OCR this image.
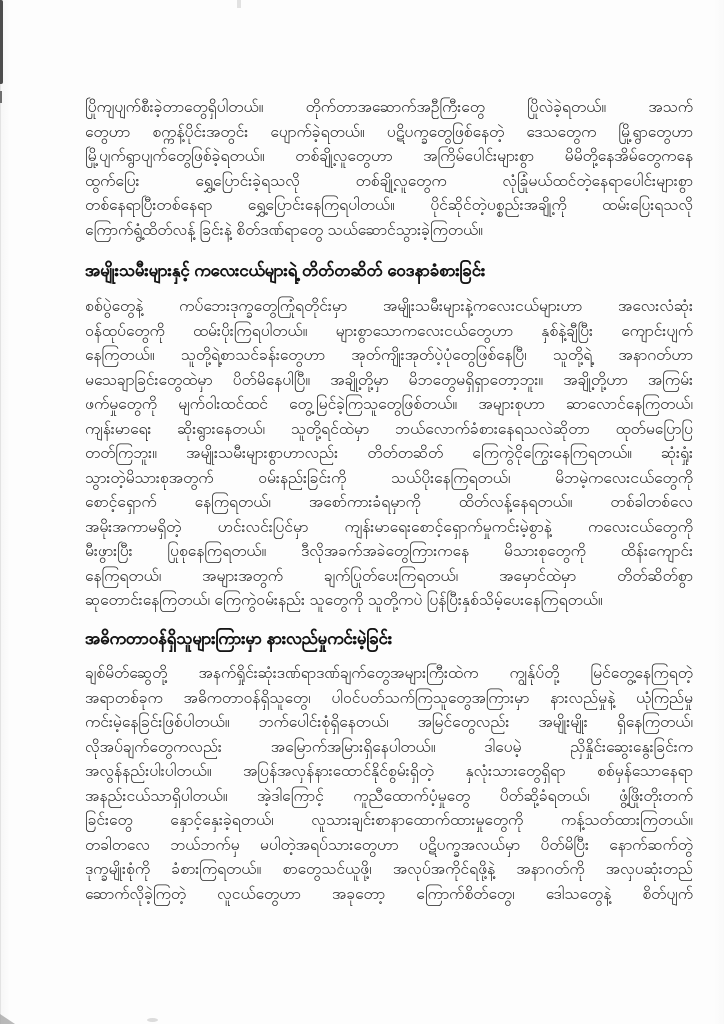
ပြိုကျပျက်စီးခဲ့တာတွေရှိပါတယ်။ တိုက်တာအဆောက်အဦကြီးတွေ ပြိုလဲခဲ့ရတယ်။ အသက်
တွေဟာ စက္ကန့်ပိုင်းအတွင်း ပျောက်ခဲ့ရတယ်။ ပဋိပက္ခတွေဖြစ်နေတဲ့ ဒေသတွေက မြို့ရွာတွေဟာ
မြို့ပျက်ရွာပျက်တွေဖြစ်ခဲ့ရတယ်။ တစ်ချို့လူတွေဟာ အကြိမ်ပေါင်းများစွာ မိမိတို့နေအိမ်တွေကနေ
ထွက်ပြေး ရွှေ့ပြောင်းခဲ့ရသလို တစ်ချို့လူတွေက လုံခြုံမယ်ထင်တဲ့နေရာပေါင်းများစွာ
တစ်နေရာပြီးတစ်နေရာ ရွှေ့ပြောင်းနေကြရပါတယ်။ ပိုင်ဆိုင်တဲ့ပစ္စည်းအချို့ကို ထမ်းပြေးရသလို
ကြောက်ရွံ့ထိတ်လန့် ခြင်းနဲ့ စိတ်ဒဏ်ရာတွေ သယ်ဆောင်သွားခဲ့ကြတယ်။
အမျိုးသမီးများနှင့် ကလေးငယ်များရဲ့ တိတ်တဆိတ် ဝေဒနာခံစားခြင်း
စစ်ပွဲတွေနဲ့ ကပ်ဘေးဒုက္ခတွေကြုံရတိုင်းမှာ အမျိုးသမီးများနဲ့ကလေးငယ်များဟာ အလေးလံဆုံး
ဝန်ထုပ်တွေကို ထမ်းပိုးကြရပါတယ်။ များစွာသောကလေးငယ်တွေဟာ နှစ်နဲ့ချီပြီး ကျောင်းပျက်
နေကြတယ်။ သူတို့ရဲ့စာသင်ခန်းတွေဟာ အုတ်ကျိုးအုတ်ပဲ့ပုံတွေဖြစ်နေပြီ၊ သူတို့ရဲ့ အနာဂတ်ဟာ
မသေချာခြင်းတွေထဲမှာ ပိတ်မိနေပါပြီ။ အချို့တို့မှာ မိဘတွေမရှိရှာတော့ဘူး။ အချို့တို့ဟာ အကြမ်း
ဖက်မှုတွေကို မျက်ဝါးထင်ထင် တွေ့မြင်ခဲ့ကြသူတွေဖြစ်တယ်။ အများစုဟာ ဆာလောင်နေကြတယ်၊
ကျန်းမာရေး ဆိုးရွားနေတယ်၊ သူတို့ရင်ထဲမှာ ဘယ်လောက်ခံစားနေရသလဲဆိုတာ ထုတ်မပြောပြ
တတ်ကြဘူး။ အမျိုးသမီးများစွာဟာလည်း တိတ်တဆိတ် ကြေကွဲငိုကြွေးနေကြရတယ်။ ဆုံးရှုံး
သွားတဲ့မိသားစုအတွက် ဝမ်းနည်းခြင်းကို သယ်ပိုးနေကြရတယ်၊ မိဘမဲ့ကလေးငယ်တွေကို
စောင့်ရှောက် နေကြရတယ်၊ အစော်ကားခံရမှာကို ထိတ်လန့်နေရတယ်။ တစ်ခါတစ်လေ
အမိုးအကာမရှိတဲ့ ဟင်းလင်းပြင်မှာ ကျန်းမာရေးစောင့်ရှောက်မှုကင်းမဲ့စွာနဲ့ ကလေးငယ်တွေကို
မီးဖွားပြီး ပြုစုနေကြရတယ်။ ဒီလိုအခက်အခဲတွေကြားကနေ မိသားစုတွေကို ထိန်းကျောင်း
နေကြရတယ်၊ အများအတွက် ချက်ပြုတ်ပေးကြရတယ်၊ အမှောင်ထဲမှာ တိတ်ဆိတ်စွာ
ဆုတောင်းနေကြတယ်၊ ကြေကွဲဝမ်းနည်း သူတွေကို သူတို့ကပဲ ပြန်ပြီးနှစ်သိမ့်ပေးနေကြရတယ်။
အဓိကတာဝန်ရှိသူများကြားမှာ နားလည်မှုကင်းမဲ့ခြင်း
ချစ်မိတ်ဆွေတို့ အနက်ရှိုင်းဆုံးဒဏ်ရာဒဏ်ချက်တွေအများကြီးထဲက ကျွန်ုပ်တို့ မြင်တွေ့နေကြရတဲ့
အရာတစ်ခုက အဓိကတာဝန်ရှိသူတွေ၊ ပါဝင်ပတ်သက်ကြသူတွေအကြားမှာ နားလည်မှုနဲ့ ယုံကြည်မှု
ကင်းမဲ့နေခြင်းဖြစ်ပါတယ်။ ဘက်ပေါင်းစုံရှိနေတယ်၊ အမြင်တွေလည်း အမျိုးမျိုး ရှိနေကြတယ်၊
လိုအပ်ချက်တွေကလည်း အမြောက်အမြားရှိနေပါတယ်။ ဒါပေမဲ့ ညှိနှိုင်းဆွေးနွေးခြင်းက
အလွန်နည်းပါးပါတယ်။ အပြန်အလှန်နားထောင်နိုင်စွမ်းရှိတဲ့ နှလုံးသားတွေရှိရာ စစ်မှန်သောနေရာ
အနည်းငယ်သာရှိပါတယ်။ အဲ့ဒါကြောင့် ကူညီထောက်ပံ့မှုတွေ ပိတ်ဆို့ခံရတယ်၊ ဖွံ့ဖြိုးတိုးတက်
ခြင်းတွေ နှောင့်နှေးခဲ့ရတယ်၊ လူသားချင်းစာနာထောက်ထားမှုတွေကို ကန့်သတ်ထားကြတယ်။
တခါတလေ ဘယ်ဘက်မှ မပါတဲ့အရပ်သားတွေဟာ ပဋိပက္ခအလယ်မှာ ပိတ်မိပြီး နောက်ဆက်တွဲ
ဒုက္ခမျိုးစုံကို ခံစားကြရတယ်။ စာတွေသင်ယူဖို့၊ အလုပ်အကိုင်ရဖို့နဲ့ အနာဂတ်ကို အလှပဆုံးတည်
ဆောက်လိုခဲ့ကြတဲ့ လူငယ်တွေဟာ အခုတော့ ကြောက်စိတ်တွေ၊ ဒေါသတွေနဲ့ စိတ်ပျက်
